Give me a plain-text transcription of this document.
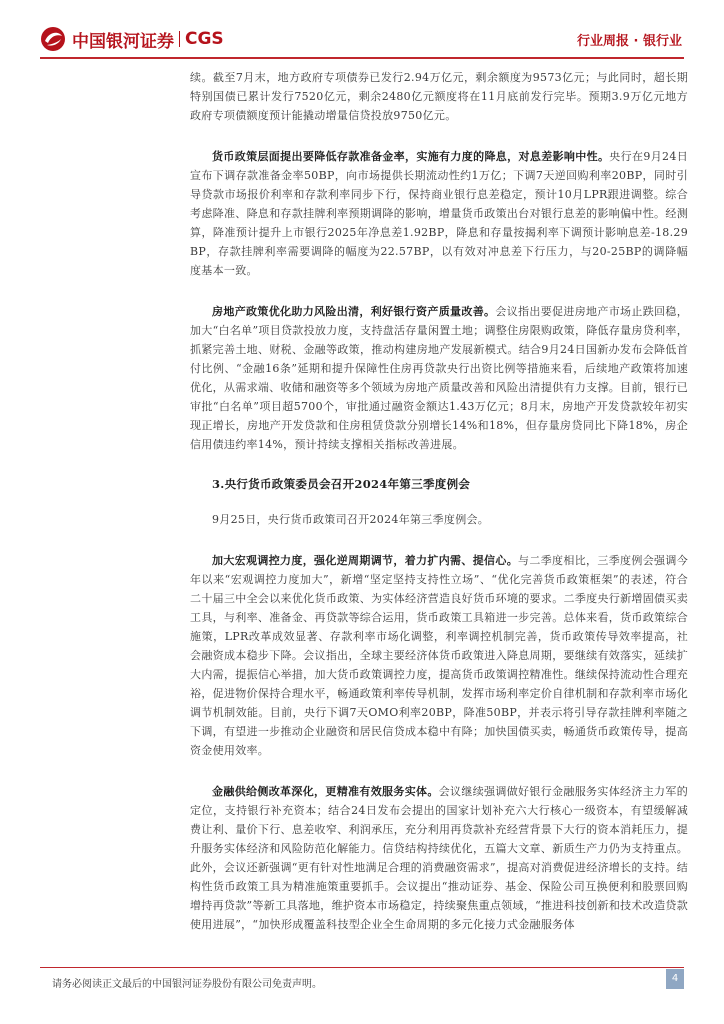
中国银河证券 CGS	行业周报 · 银行业

续。截至7月末，地方政府专项债券已发行2.94万亿元，剩余额度为9573亿元；与此同时，超长期特别国债已累计发行7520亿元，剩余2480亿元额度将在11月底前发行完毕。预期3.9万亿元地方政府专项债额度预计能撬动增量信贷投放9750亿元。

货币政策层面提出要降低存款准备金率，实施有力度的降息，对息差影响中性。央行在9月24日宣布下调存款准备金率50BP，向市场提供长期流动性约1万亿；下调7天逆回购利率20BP，同时引导贷款市场报价利率和存款利率同步下行，保持商业银行息差稳定，预计10月LPR跟进调整。综合考虑降准、降息和存款挂牌利率预期调降的影响，增量货币政策出台对银行息差的影响偏中性。经测算，降准预计提升上市银行2025年净息差1.92BP，降息和存量按揭利率下调预计影响息差-18.29BP，存款挂牌利率需要调降的幅度为22.57BP，以有效对冲息差下行压力，与20-25BP的调降幅度基本一致。

房地产政策优化助力风险出清，利好银行资产质量改善。会议指出要促进房地产市场止跌回稳，加大“白名单”项目贷款投放力度，支持盘活存量闲置土地；调整住房限购政策，降低存量房贷利率，抓紧完善土地、财税、金融等政策，推动构建房地产发展新模式。结合9月24日国新办发布会降低首付比例、“金融16条”延期和提升保障性住房再贷款央行出资比例等措施来看，后续地产政策将加速优化，从需求端、收储和融资等多个领域为房地产质量改善和风险出清提供有力支撑。目前，银行已审批“白名单”项目超5700个，审批通过融资金额达1.43万亿元；8月末，房地产开发贷款较年初实现正增长，房地产开发贷款和住房租赁贷款分别增长14%和18%，但存量房贷同比下降18%，房企信用债违约率14%，预计持续支撑相关指标改善进展。

3.央行货币政策委员会召开2024年第三季度例会

9月25日，央行货币政策司召开2024年第三季度例会。

加大宏观调控力度，强化逆周期调节，着力扩内需、提信心。与二季度相比，三季度例会强调今年以来“宏观调控力度加大”，新增“坚定坚持支持性立场”、“优化完善货币政策框架”的表述，符合二十届三中全会以来优化货币政策、为实体经济营造良好货币环境的要求。二季度央行新增固债买卖工具，与利率、准备金、再贷款等综合运用，货币政策工具箱进一步完善。总体来看，货币政策综合施策，LPR改革成效显著、存款利率市场化调整，利率调控机制完善，货币政策传导效率提高，社会融资成本稳步下降。会议指出，全球主要经济体货币政策进入降息周期，要继续有效落实，延续扩大内需，提振信心举措，加大货币政策调控力度，提高货币政策调控精准性。继续保持流动性合理充裕，促进物价保持合理水平，畅通政策利率传导机制，发挥市场利率定价自律机制和存款利率市场化调节机制效能。目前，央行下调7天OMO利率20BP，降准50BP，并表示将引导存款挂牌利率随之下调，有望进一步推动企业融资和居民信贷成本稳中有降；加快国债买卖，畅通货币政策传导，提高资金使用效率。

金融供给侧改革深化，更精准有效服务实体。会议继续强调做好银行金融服务实体经济主力军的定位，支持银行补充资本；结合24日发布会提出的国家计划补充六大行核心一级资本，有望缓解减费让利、量价下行、息差收窄、利润承压，充分利用再贷款补充经营背景下大行的资本消耗压力，提升服务实体经济和风险防范化解能力。信贷结构持续优化，五篇大文章、新质生产力仍为支持重点。此外，会议还新强调“更有针对性地满足合理的消费融资需求”，提高对消费促进经济增长的支持。结构性货币政策工具为精准施策重要抓手。会议提出“推动证券、基金、保险公司互换便利和股票回购增持再贷款”等新工具落地，维护资本市场稳定，持续聚焦重点领域，“推进科技创新和技术改造贷款使用进展”，“加快形成覆盖科技型企业全生命周期的多元化接力式金融服务体

请务必阅读正文最后的中国银河证券股份有限公司免责声明。
4
